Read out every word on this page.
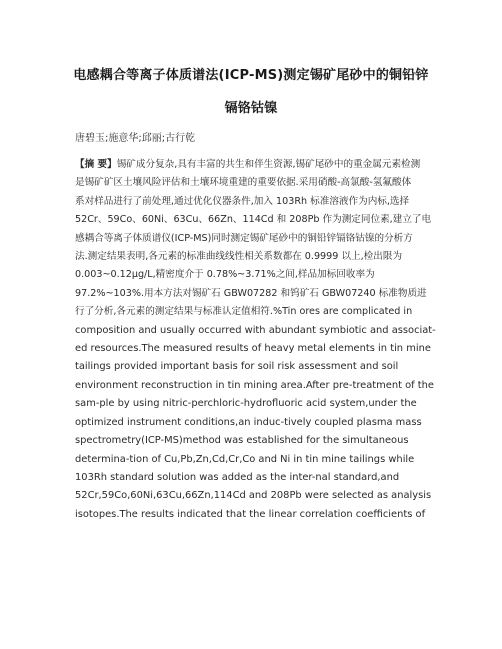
电感耦合等离子体质谱法(ICP-MS)测定锡矿尾砂中的铜铅锌
镉铬钴镍
唐碧玉;施意华;邱丽;古行乾
【摘 要】锡矿成分复杂,具有丰富的共生和伴生资源,锡矿尾砂中的重金属元素检测
是锡矿矿区土壤风险评估和土壤环境重建的重要依据.采用硝酸-高氯酸-氢氟酸体
系对样品进行了前处理,通过优化仪器条件,加入 103Rh 标准溶液作为内标,选择
52Cr、59Co、60Ni、63Cu、66Zn、114Cd 和 208Pb 作为测定同位素,建立了电
感耦合等离子体质谱仪(ICP-MS)同时测定锡矿尾砂中的铜铅锌镉铬钴镍的分析方
法.测定结果表明,各元素的标准曲线线性相关系数都在 0.9999 以上,检出限为
0.003~0.12μg/L,精密度介于 0.78%~3.71%之间,样品加标回收率为
97.2%~103%.用本方法对锡矿石 GBW07282 和钨矿石 GBW07240 标准物质进
行了分析,各元素的测定结果与标准认定值相符.%Tin ores are complicated in
composition and usually occurred with abundant symbiotic and associat-
ed resources.The measured results of heavy metal elements in tin mine
tailings provided important basis for soil risk assessment and soil
environment reconstruction in tin mining area.After pre-treatment of the
sam-ple by using nitric-perchloric-hydrofluoric acid system,under the
optimized instrument conditions,an induc-tively coupled plasma mass
spectrometry(ICP-MS)method was established for the simultaneous
determina-tion of Cu,Pb,Zn,Cd,Cr,Co and Ni in tin mine tailings while
103Rh standard solution was added as the inter-nal standard,and
52Cr,59Co,60Ni,63Cu,66Zn,114Cd and 208Pb were selected as analysis
isotopes.The results indicated that the linear correlation coefficients of
